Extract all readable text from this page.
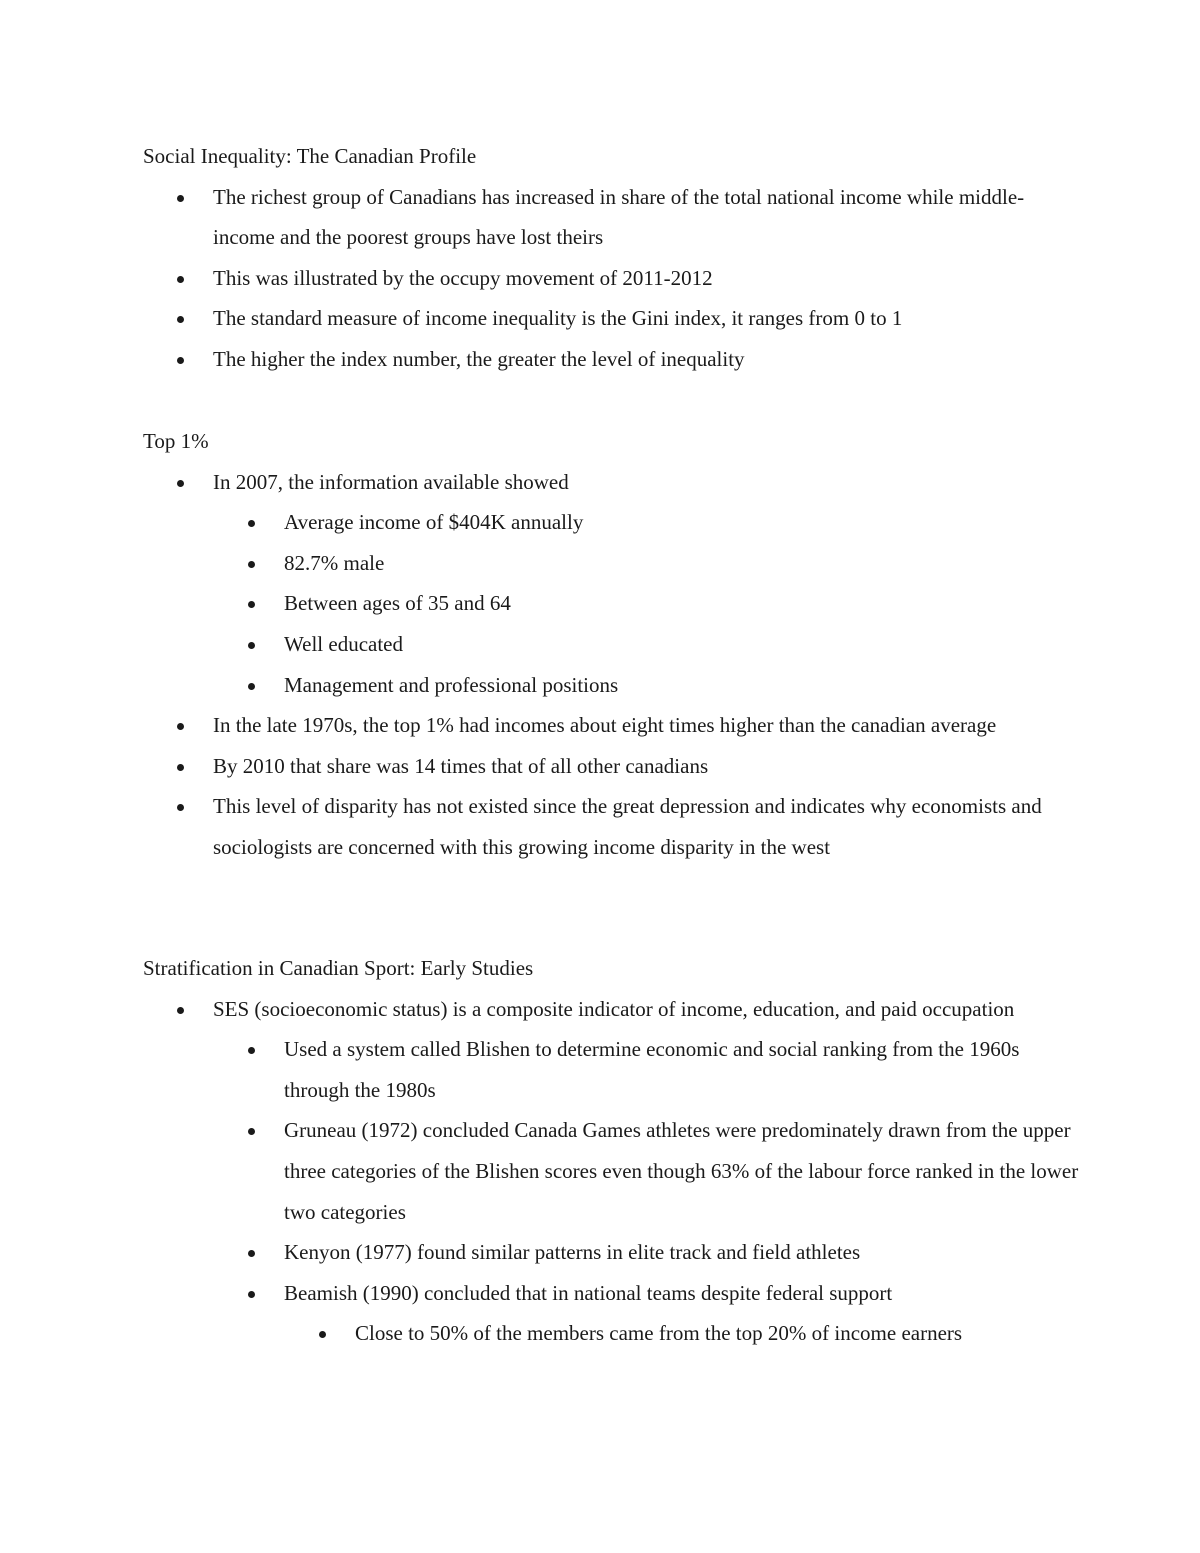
Social Inequality: The Canadian Profile
The richest group of Canadians has increased in share of the total national income while middle-income and the poorest groups have lost theirs
This was illustrated by the occupy movement of 2011-2012
The standard measure of income inequality is the Gini index, it ranges from 0 to 1
The higher the index number, the greater the level of inequality
Top 1%
In 2007, the information available showed
Average income of $404K annually
82.7% male
Between ages of 35 and 64
Well educated
Management and professional positions
In the late 1970s, the top 1% had incomes about eight times higher than the canadian average
By 2010 that share was 14 times that of all other canadians
This level of disparity has not existed since the great depression and indicates why economists and sociologists are concerned with this growing income disparity in the west
Stratification in Canadian Sport: Early Studies
SES (socioeconomic status) is a composite indicator of income, education, and paid occupation
Used a system called Blishen to determine economic and social ranking from the 1960s through the 1980s
Gruneau (1972) concluded Canada Games athletes were predominately drawn from the upper three categories of the Blishen scores even though 63% of the labour force ranked in the lower two categories
Kenyon (1977) found similar patterns in elite track and field athletes
Beamish (1990) concluded that in national teams despite federal support
Close to 50% of the members came from the top 20% of income earners
